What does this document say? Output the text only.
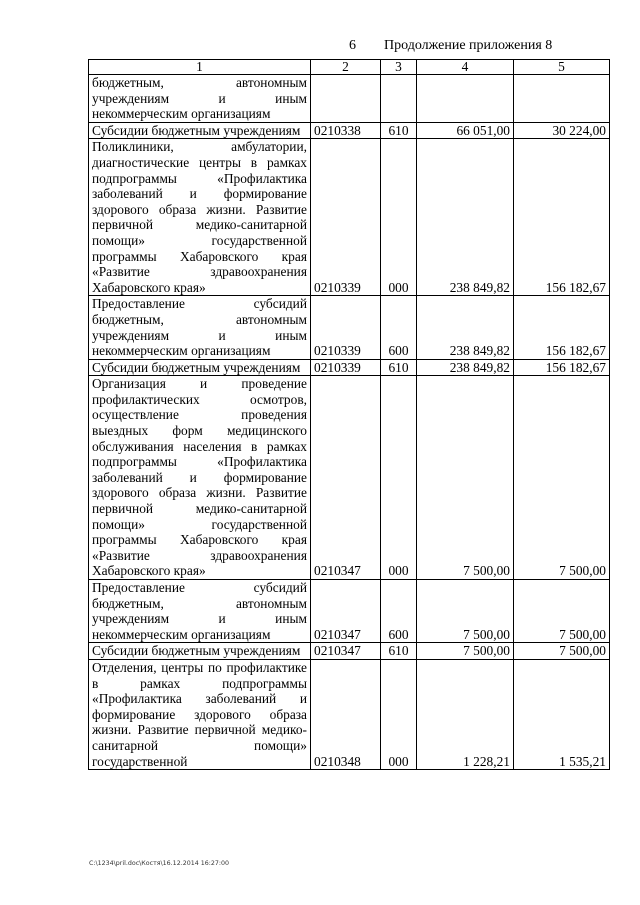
6 Продолжение приложения 8
1	2	3	4	5
бюджетным, автономным учреждениям и иным некоммерческим организациям				
Субсидии бюджетным учреждениям	0210338	610	66 051,00	30 224,00
Поликлиники, амбулатории, диагностические центры в рамках подпрограммы «Профилактика заболеваний и формирование здорового образа жизни. Развитие первичной медико-санитарной помощи» государственной программы Хабаровского края «Развитие здравоохранения Хабаровского края»	0210339	000	238 849,82	156 182,67
Предоставление субсидий бюджетным, автономным учреждениям и иным некоммерческим организациям	0210339	600	238 849,82	156 182,67
Субсидии бюджетным учреждениям	0210339	610	238 849,82	156 182,67
Организация и проведение профилактических осмотров, осуществление проведения выездных форм медицинского обслуживания населения в рамках подпрограммы «Профилактика заболеваний и формирование здорового образа жизни. Развитие первичной медико-санитарной помощи» государственной программы Хабаровского края «Развитие здравоохранения Хабаровского края»	0210347	000	7 500,00	7 500,00
Предоставление субсидий бюджетным, автономным учреждениям и иным некоммерческим организациям	0210347	600	7 500,00	7 500,00
Субсидии бюджетным учреждениям	0210347	610	7 500,00	7 500,00
Отделения, центры по профилактике в рамках подпрограммы «Профилактика заболеваний и формирование здорового образа жизни. Развитие первичной медико-санитарной помощи» государственной	0210348	000	1 228,21	1 535,21
C:\1234\pril.doc\Костя\16.12.2014 16:27:00
